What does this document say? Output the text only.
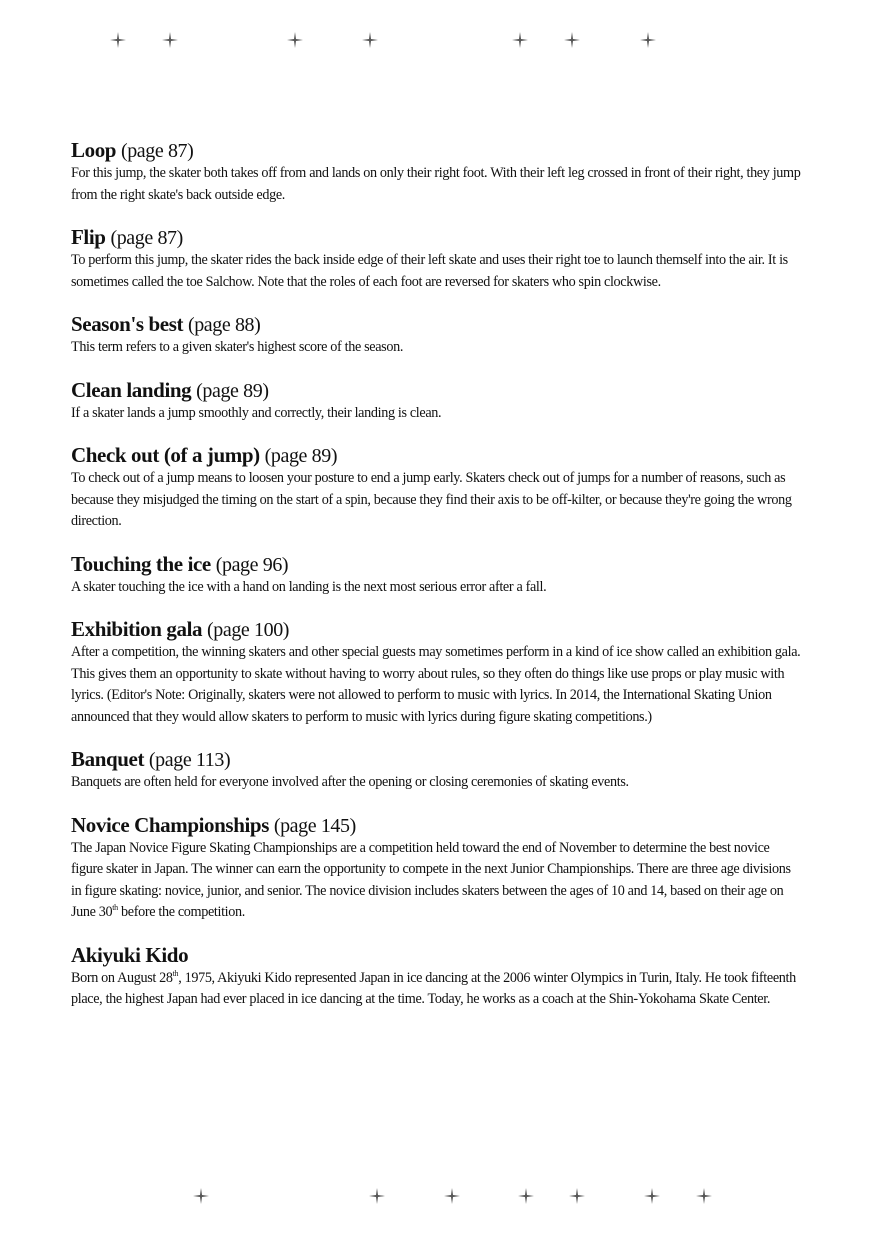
Loop (page 87)

For this jump, the skater both takes off from and lands on only their right foot. With their left leg crossed in front of their right, they jump from the right skate's back outside edge.

Flip (page 87)

To perform this jump, the skater rides the back inside edge of their left skate and uses their right toe to launch themself into the air. It is sometimes called the toe Salchow. Note that the roles of each foot are reversed for skaters who spin clockwise.

Season's best (page 88)

This term refers to a given skater's highest score of the season.

Clean landing (page 89)

If a skater lands a jump smoothly and correctly, their landing is clean.

Check out (of a jump) (page 89)

To check out of a jump means to loosen your posture to end a jump early. Skaters check out of jumps for a number of reasons, such as because they misjudged the timing on the start of a spin, because they find their axis to be off-kilter, or because they're going the wrong direction.

Touching the ice (page 96)

A skater touching the ice with a hand on landing is the next most serious error after a fall.

Exhibition gala (page 100)

After a competition, the winning skaters and other special guests may sometimes perform in a kind of ice show called an exhibition gala. This gives them an opportunity to skate without having to worry about rules, so they often do things like use props or play music with lyrics. (Editor's Note: Originally, skaters were not allowed to perform to music with lyrics. In 2014, the International Skating Union announced that they would allow skaters to perform to music with lyrics during figure skating competitions.)

Banquet (page 113)

Banquets are often held for everyone involved after the opening or closing ceremonies of skating events.

Novice Championships (page 145)

The Japan Novice Figure Skating Championships are a competition held toward the end of November to determine the best novice figure skater in Japan. The winner can earn the opportunity to compete in the next Junior Championships. There are three age divisions in figure skating: novice, junior, and senior. The novice division includes skaters between the ages of 10 and 14, based on their age on June 30th before the competition.

Akiyuki Kido

Born on August 28th, 1975, Akiyuki Kido represented Japan in ice dancing at the 2006 winter Olympics in Turin, Italy. He took fifteenth place, the highest Japan had ever placed in ice dancing at the time. Today, he works as a coach at the Shin-Yokohama Skate Center.
